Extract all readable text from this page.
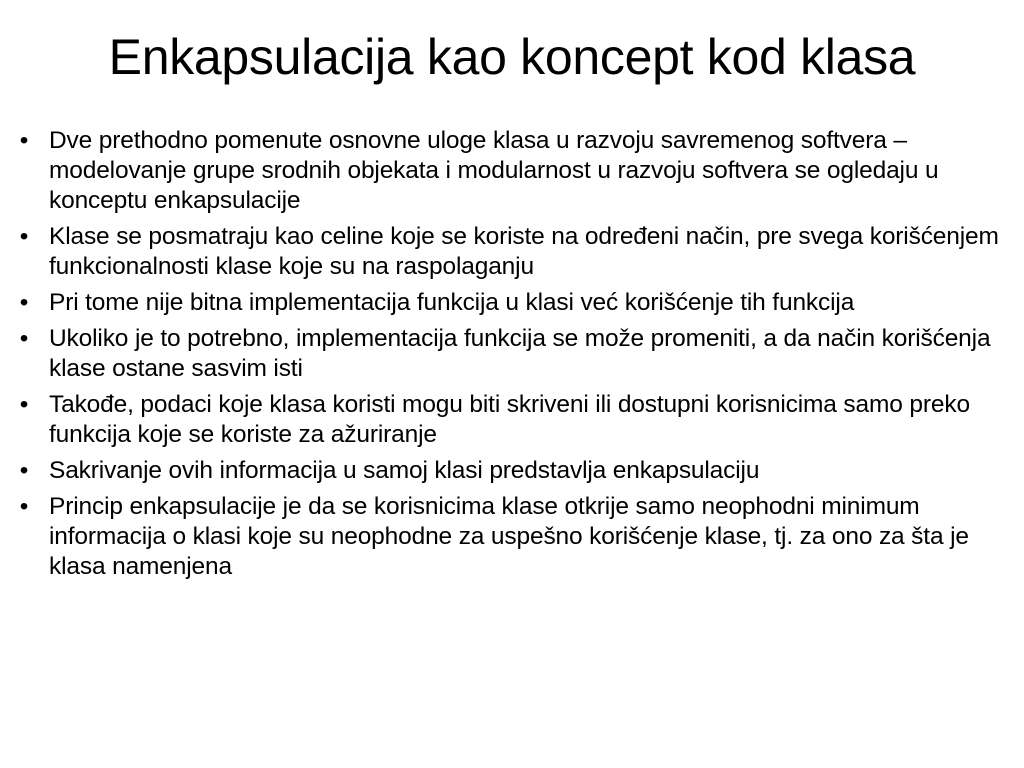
Enkapsulacija kao koncept kod klasa
• Dve prethodno pomenute osnovne uloge klasa u razvoju savremenog softvera – modelovanje grupe srodnih objekata i modularnost u razvoju softvera se ogledaju u konceptu enkapsulacije
• Klase se posmatraju kao celine koje se koriste na određeni način, pre svega korišćenjem funkcionalnosti klase koje su na raspolaganju
• Pri tome nije bitna implementacija funkcija u klasi već korišćenje tih funkcija
• Ukoliko je to potrebno, implementacija funkcija se može promeniti, a da način korišćenja klase ostane sasvim isti
• Takođe, podaci koje klasa koristi mogu biti skriveni ili dostupni korisnicima samo preko funkcija koje se koriste za ažuriranje
• Sakrivanje ovih informacija u samoj klasi predstavlja enkapsulaciju
• Princip enkapsulacije je da se korisnicima klase otkrije samo neophodni minimum informacija o klasi koje su neophodne za uspešno korišćenje klase, tj. za ono za šta je klasa namenjena
